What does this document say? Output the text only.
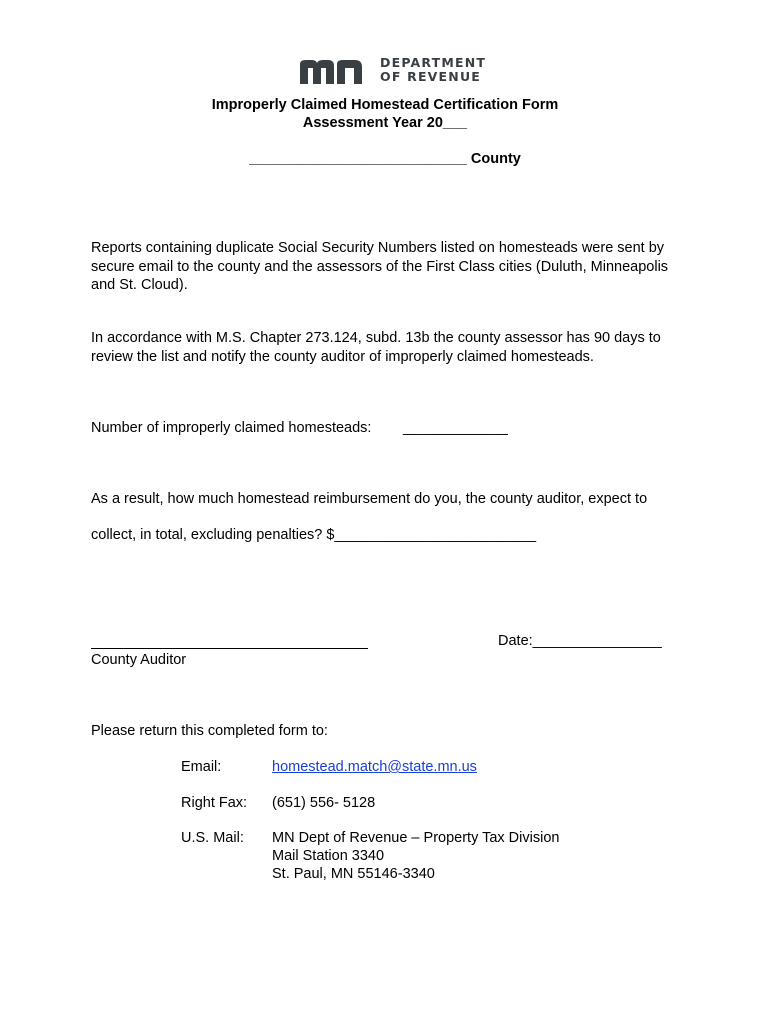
DEPARTMENT
OF REVENUE
Improperly Claimed Homestead Certification Form
Assessment Year 20___
___________________________ County
Reports containing duplicate Social Security Numbers listed on homesteads were sent by secure email to the county and the assessors of the First Class cities (Duluth, Minneapolis and St. Cloud).
In accordance with M.S. Chapter 273.124, subd. 13b the county assessor has 90 days to review the list and notify the county auditor of improperly claimed homesteads.
Number of improperly claimed homesteads: _____________
As a result, how much homestead reimbursement do you, the county auditor, expect to
collect, in total, excluding penalties? $_________________________
County Auditor
Date:________________
Please return this completed form to:
Email:	homestead.match@state.mn.us
Right Fax: (651) 556- 5128
U.S. Mail: MN Dept of Revenue – Property Tax Division
Mail Station 3340
St. Paul, MN 55146-3340
